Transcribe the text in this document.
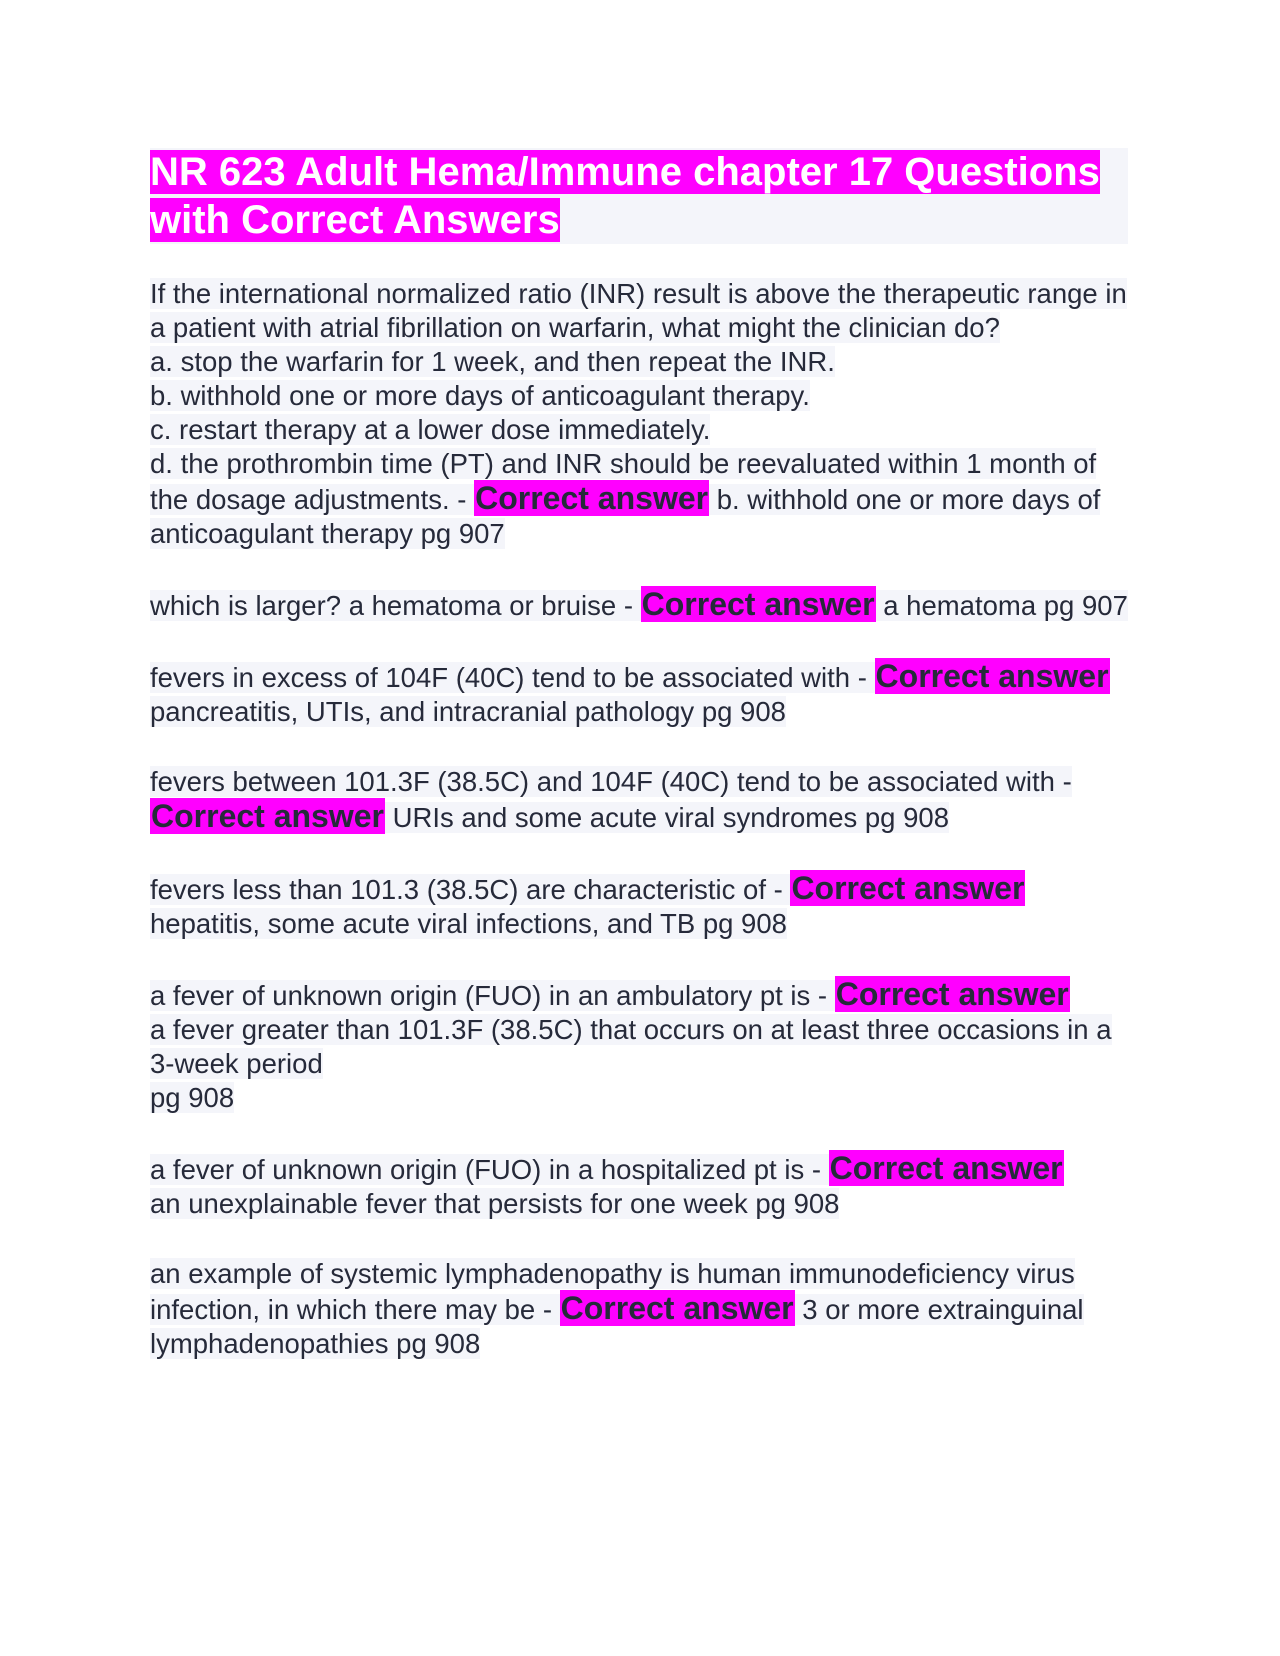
NR 623 Adult Hema/Immune chapter 17 Questions with Correct Answers

If the international normalized ratio (INR) result is above the therapeutic range in a patient with atrial fibrillation on warfarin, what might the clinician do?
a. stop the warfarin for 1 week, and then repeat the INR.
b. withhold one or more days of anticoagulant therapy.
c. restart therapy at a lower dose immediately.
d. the prothrombin time (PT) and INR should be reevaluated within 1 month of the dosage adjustments. - Correct answer b. withhold one or more days of anticoagulant therapy pg 907

which is larger? a hematoma or bruise - Correct answer a hematoma pg 907

fevers in excess of 104F (40C) tend to be associated with - Correct answer pancreatitis, UTIs, and intracranial pathology pg 908

fevers between 101.3F (38.5C) and 104F (40C) tend to be associated with - Correct answer URIs and some acute viral syndromes pg 908

fevers less than 101.3 (38.5C) are characteristic of - Correct answer
hepatitis, some acute viral infections, and TB pg 908

a fever of unknown origin (FUO) in an ambulatory pt is - Correct answer
a fever greater than 101.3F (38.5C) that occurs on at least three occasions in a 3-week period
pg 908

a fever of unknown origin (FUO) in a hospitalized pt is - Correct answer
an unexplainable fever that persists for one week pg 908

an example of systemic lymphadenopathy is human immunodeficiency virus infection, in which there may be - Correct answer 3 or more extrainguinal lymphadenopathies pg 908
